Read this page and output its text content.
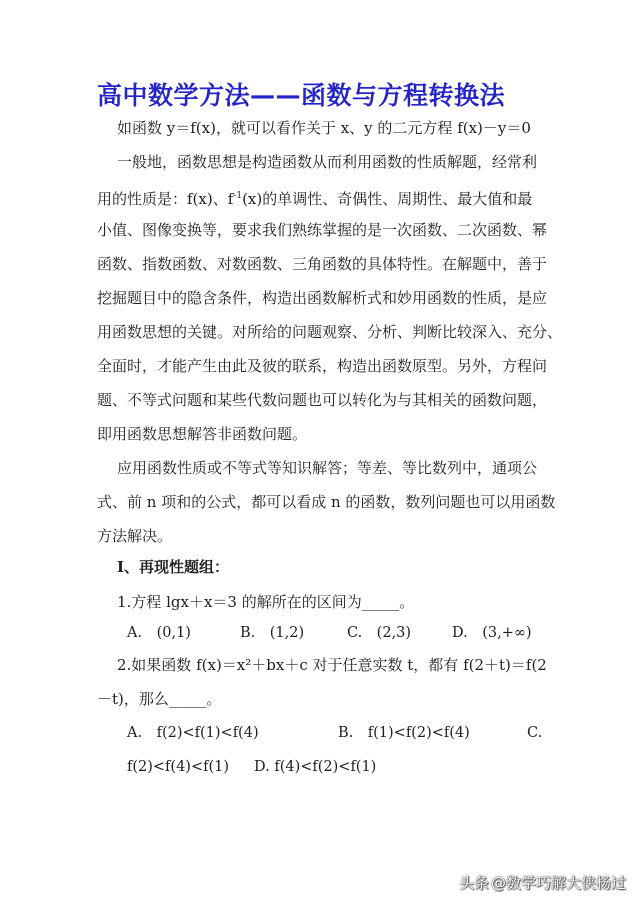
高中数学方法——函数与方程转换法

如函数 y＝f(x)，就可以看作关于 x、y 的二元方程 f(x)－y＝0

一般地，函数思想是构造函数从而利用函数的性质解题，经常利

用的性质是：f(x)、$f^{-1}(x)$的单调性、奇偶性、周期性、最大值和最

小值、图像变换等，要求我们熟练掌握的是一次函数、二次函数、幂

函数、指数函数、对数函数、三角函数的具体特性。在解题中，善于

挖掘题目中的隐含条件，构造出函数解析式和妙用函数的性质，是应

用函数思想的关键。对所给的问题观察、分析、判断比较深入、充分、

全面时，才能产生由此及彼的联系，构造出函数原型。另外，方程问

题、不等式问题和某些代数问题也可以转化为与其相关的函数问题，

即用函数思想解答非函数问题。

应用函数性质或不等式等知识解答；等差、等比数列中，通项公

式、前 n 项和的公式，都可以看成 n 的函数，数列问题也可以用函数

方法解决。

Ⅰ、再现性题组：

1.方程 lgx＋x＝3 的解所在的区间为_____。

A.　(0,1)	B.　(1,2)	C.　(2,3)	D.　(3,+∞)

2.如果函数 f(x)＝x²＋bx＋c 对于任意实数 t，都有 f(2＋t)＝f(2

－t)，那么_____。

A.　f(2)<f(1)<f(4)	B.　f(1)<f(2)<f(4)	C.

f(2)<f(4)<f(1) D. f(4)<f(2)<f(1)

头条 @数学巧解大侠杨过
